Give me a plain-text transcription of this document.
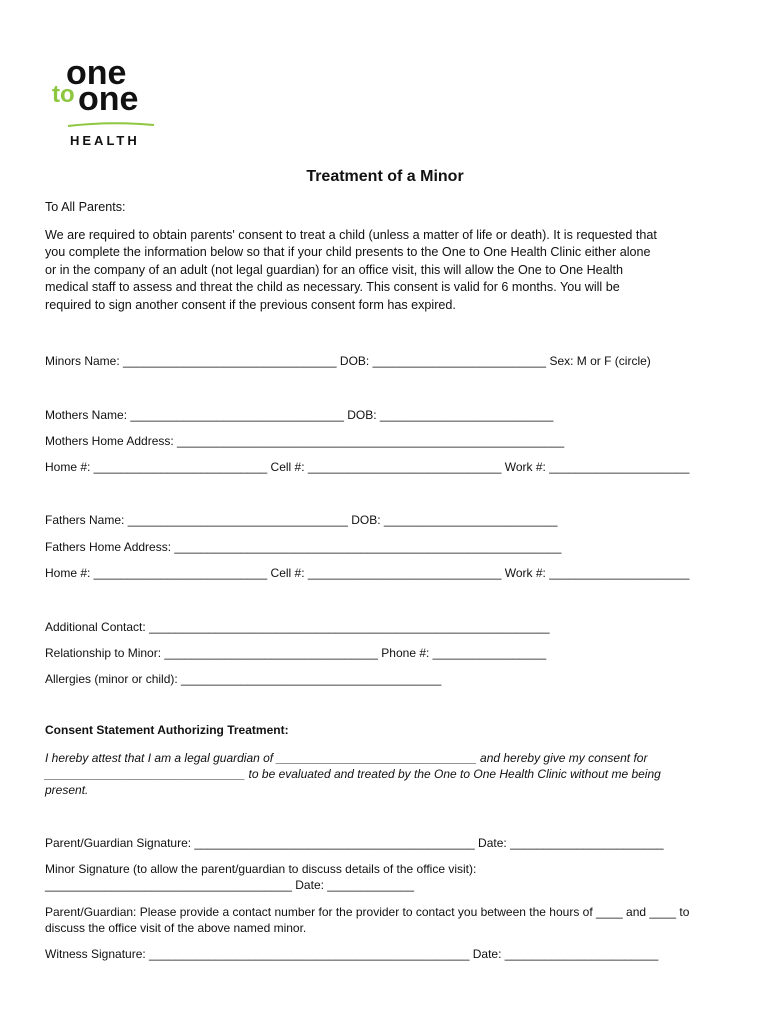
one
to one
HEALTH
Treatment of a Minor
To All Parents:
We are required to obtain parents' consent to treat a child (unless a matter of life or death). It is requested that
you complete the information below so that if your child presents to the One to One Health Clinic either alone
or in the company of an adult (not legal guardian) for an office visit, this will allow the One to One Health
medical staff to assess and threat the child as necessary. This consent is valid for 6 months. You will be
required to sign another consent if the previous consent form has expired.
Minors Name: ________________________________ DOB: __________________________ Sex: M or F (circle)
Mothers Name: ________________________________ DOB: __________________________
Mothers Home Address: __________________________________________________________
Home #: __________________________ Cell #: _____________________________ Work #: _____________________
Fathers Name: _________________________________ DOB: __________________________
Fathers Home Address: __________________________________________________________
Home #: __________________________ Cell #: _____________________________ Work #: _____________________
Additional Contact: ____________________________________________________________
Relationship to Minor: ________________________________ Phone #: _________________
Allergies (minor or child): _______________________________________
Consent Statement Authorizing Treatment:
I hereby attest that I am a legal guardian of ______________________________ and hereby give my consent for
______________________________ to be evaluated and treated by the One to One Health Clinic without me being
present.
Parent/Guardian Signature: __________________________________________ Date: _______________________
Minor Signature (to allow the parent/guardian to discuss details of the office visit):
_____________________________________ Date: _____________
Parent/Guardian: Please provide a contact number for the provider to contact you between the hours of ____ and ____ to
discuss the office visit of the above named minor.
Witness Signature: ________________________________________________ Date: _______________________
